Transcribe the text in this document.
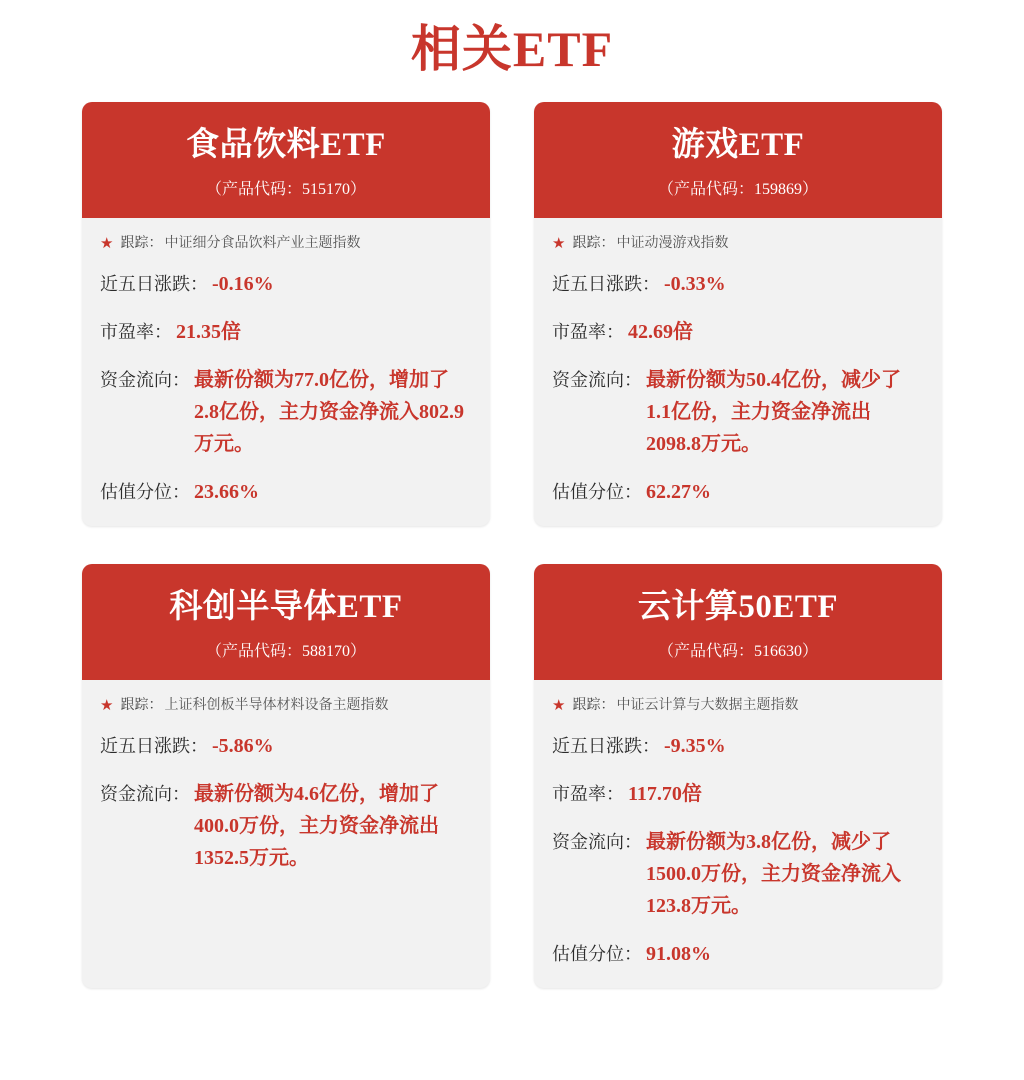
相关ETF
食品饮料ETF
（产品代码：515170）
★ 跟踪： 中证细分食品饮料产业主题指数
近五日涨跌： -0.16%
市盈率： 21.35倍
资金流向： 最新份额为77.0亿份，增加了2.8亿份，主力资金净流入802.9万元。
估值分位： 23.66%
游戏ETF
（产品代码：159869）
★ 跟踪： 中证动漫游戏指数
近五日涨跌： -0.33%
市盈率： 42.69倍
资金流向： 最新份额为50.4亿份，减少了1.1亿份，主力资金净流出2098.8万元。
估值分位： 62.27%
科创半导体ETF
（产品代码：588170）
★ 跟踪： 上证科创板半导体材料设备主题指数
近五日涨跌： -5.86%
资金流向： 最新份额为4.6亿份，增加了400.0万份，主力资金净流出1352.5万元。
云计算50ETF
（产品代码：516630）
★ 跟踪： 中证云计算与大数据主题指数
近五日涨跌： -9.35%
市盈率： 117.70倍
资金流向： 最新份额为3.8亿份，减少了1500.0万份，主力资金净流入123.8万元。
估值分位： 91.08%
